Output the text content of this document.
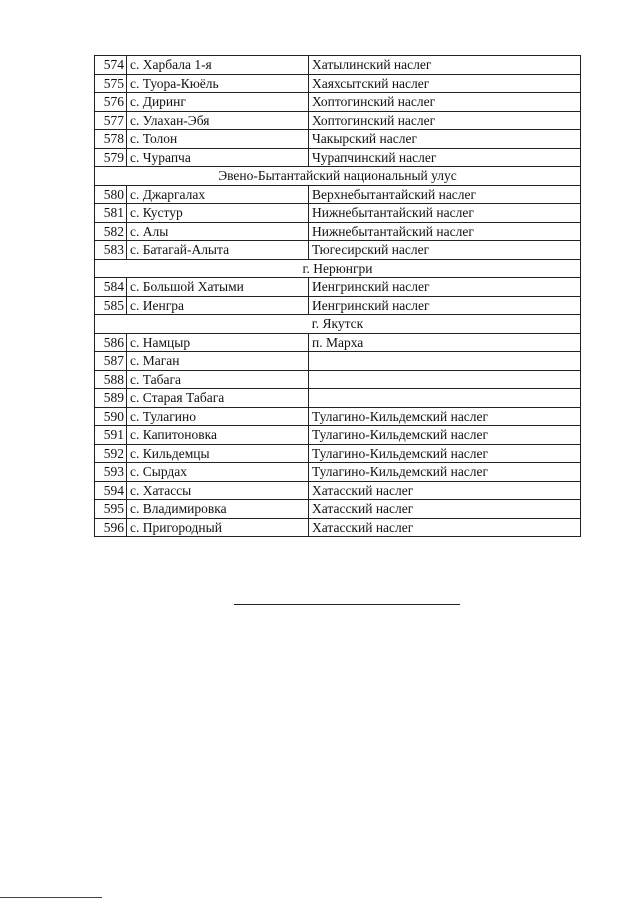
574	с. Харбала 1-я	Хатылинский наслег
575	с. Туора-Кюёль	Хаяхсытский наслег
576	с. Диринг	Хоптогинский наслег
577	с. Улахан-Эбя	Хоптогинский наслег
578	с. Толон	Чакырский наслег
579	с. Чурапча	Чурапчинский наслег
Эвено-Бытантайский национальный улус		
580	с. Джаргалах	Верхнебытантайский наслег
581	с. Кустур	Нижнебытантайский наслег
582	с. Алы	Нижнебытантайский наслег
583	с. Батагай-Алыта	Тюгесирский наслег
г. Нерюнгри		
584	с. Большой Хатыми	Иенгринский наслег
585	с. Иенгра	Иенгринский наслег
г. Якутск		
586	с. Намцыр	п. Марха
587	с. Маган	
588	с. Табага	
589	с. Старая Табага	
590	с. Тулагино	Тулагино-Кильдемский наслег
591	с. Капитоновка	Тулагино-Кильдемский наслег
592	с. Кильдемцы	Тулагино-Кильдемский наслег
593	с. Сырдах	Тулагино-Кильдемский наслег
594	с. Хатассы	Хатасский наслег
595	с. Владимировка	Хатасский наслег
596	с. Пригородный	Хатасский наслег
